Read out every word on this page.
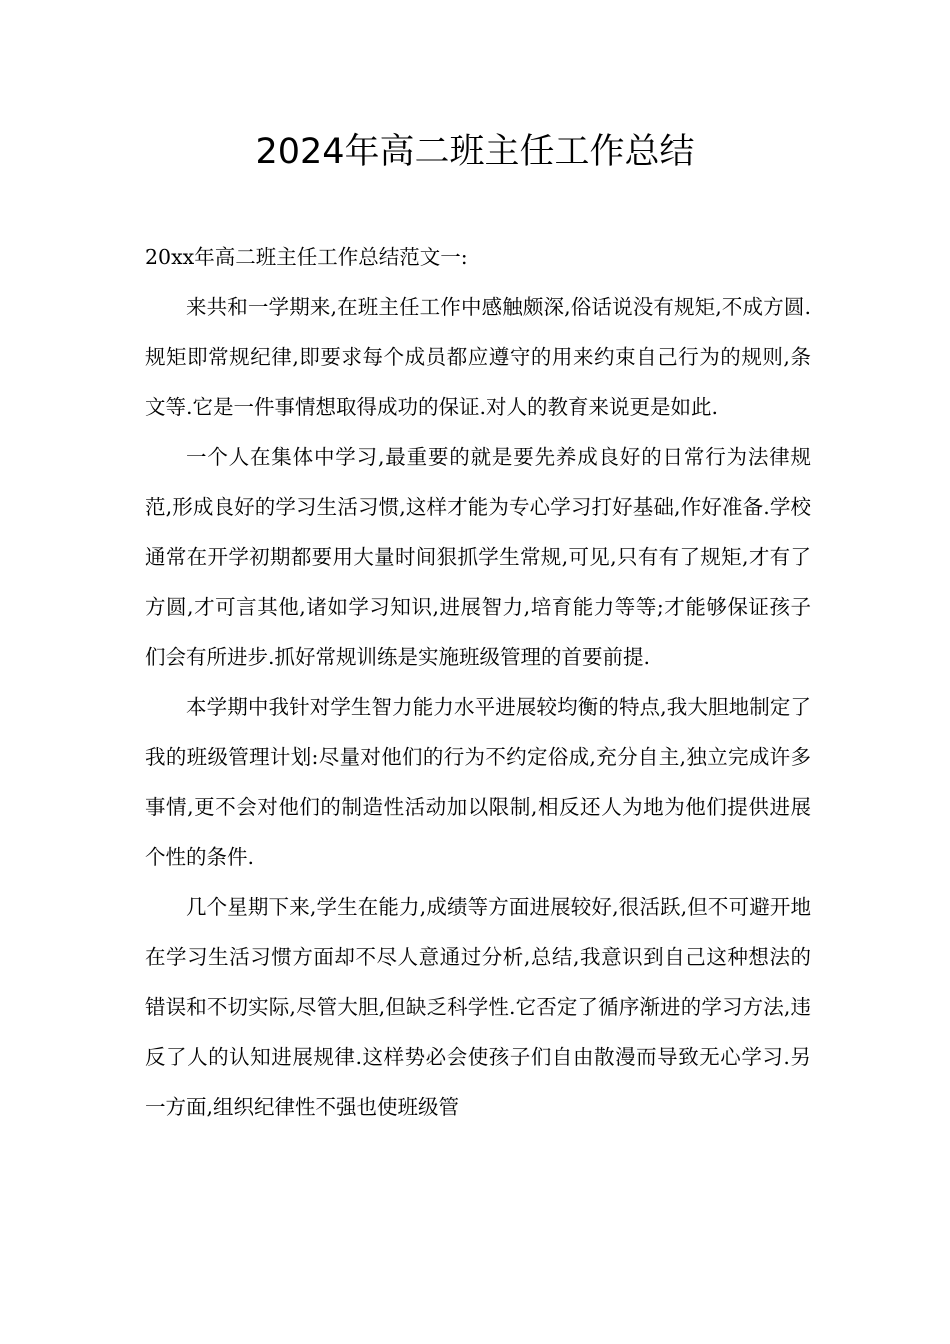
2024年高二班主任工作总结

20xx年高二班主任工作总结范文一:

来共和一学期来,在班主任工作中感触颇深,俗话说没有规矩,不成方圆.规矩即常规纪律,即要求每个成员都应遵守的用来约束自己行为的规则,条文等.它是一件事情想取得成功的保证.对人的教育来说更是如此.

一个人在集体中学习,最重要的就是要先养成良好的日常行为法律规范,形成良好的学习生活习惯,这样才能为专心学习打好基础,作好准备.学校通常在开学初期都要用大量时间狠抓学生常规,可见,只有有了规矩,才有了方圆,才可言其他,诸如学习知识,进展智力,培育能力等等;才能够保证孩子们会有所进步.抓好常规训练是实施班级管理的首要前提.

本学期中我针对学生智力能力水平进展较均衡的特点,我大胆地制定了我的班级管理计划:尽量对他们的行为不约定俗成,充分自主,独立完成许多事情,更不会对他们的制造性活动加以限制,相反还人为地为他们提供进展个性的条件.

几个星期下来,学生在能力,成绩等方面进展较好,很活跃,但不可避开地在学习生活习惯方面却不尽人意通过分析,总结,我意识到自己这种想法的错误和不切实际,尽管大胆,但缺乏科学性.它否定了循序渐进的学习方法,违反了人的认知进展规律.这样势必会使孩子们自由散漫而导致无心学习.另一方面,组织纪律性不强也使班级管
